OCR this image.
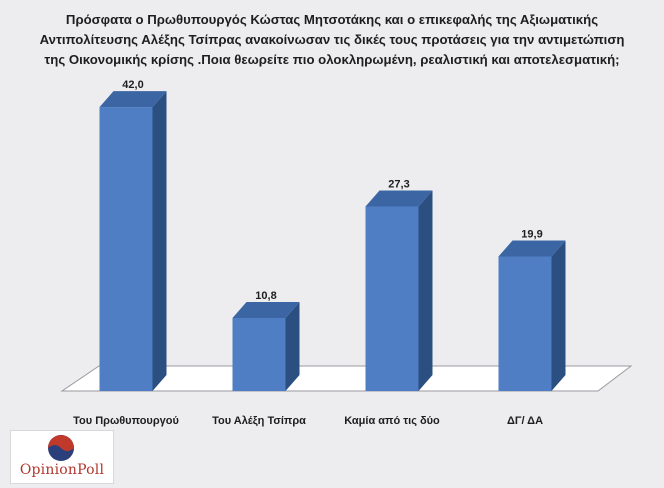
Πρόσφατα ο Πρωθυπουργός Κώστας Μητσοτάκης και ο επικεφαλής της Αξιωματικής
Αντιπολίτευσης Αλέξης Τσίπρας ανακοίνωσαν τις δικές τους προτάσεις για την αντιμετώπιση
της Οικονομικής κρίσης .Ποια θεωρείτε πιο ολοκληρωμένη, ρεαλιστική και αποτελεσματική;
42,0
Του Πρωθυπουργού
10,8
Του Αλέξη Τσίπρα
27,3
Καμία από τις δύο
19,9
ΔΓ/ ΔΑ
OpinionPoll
